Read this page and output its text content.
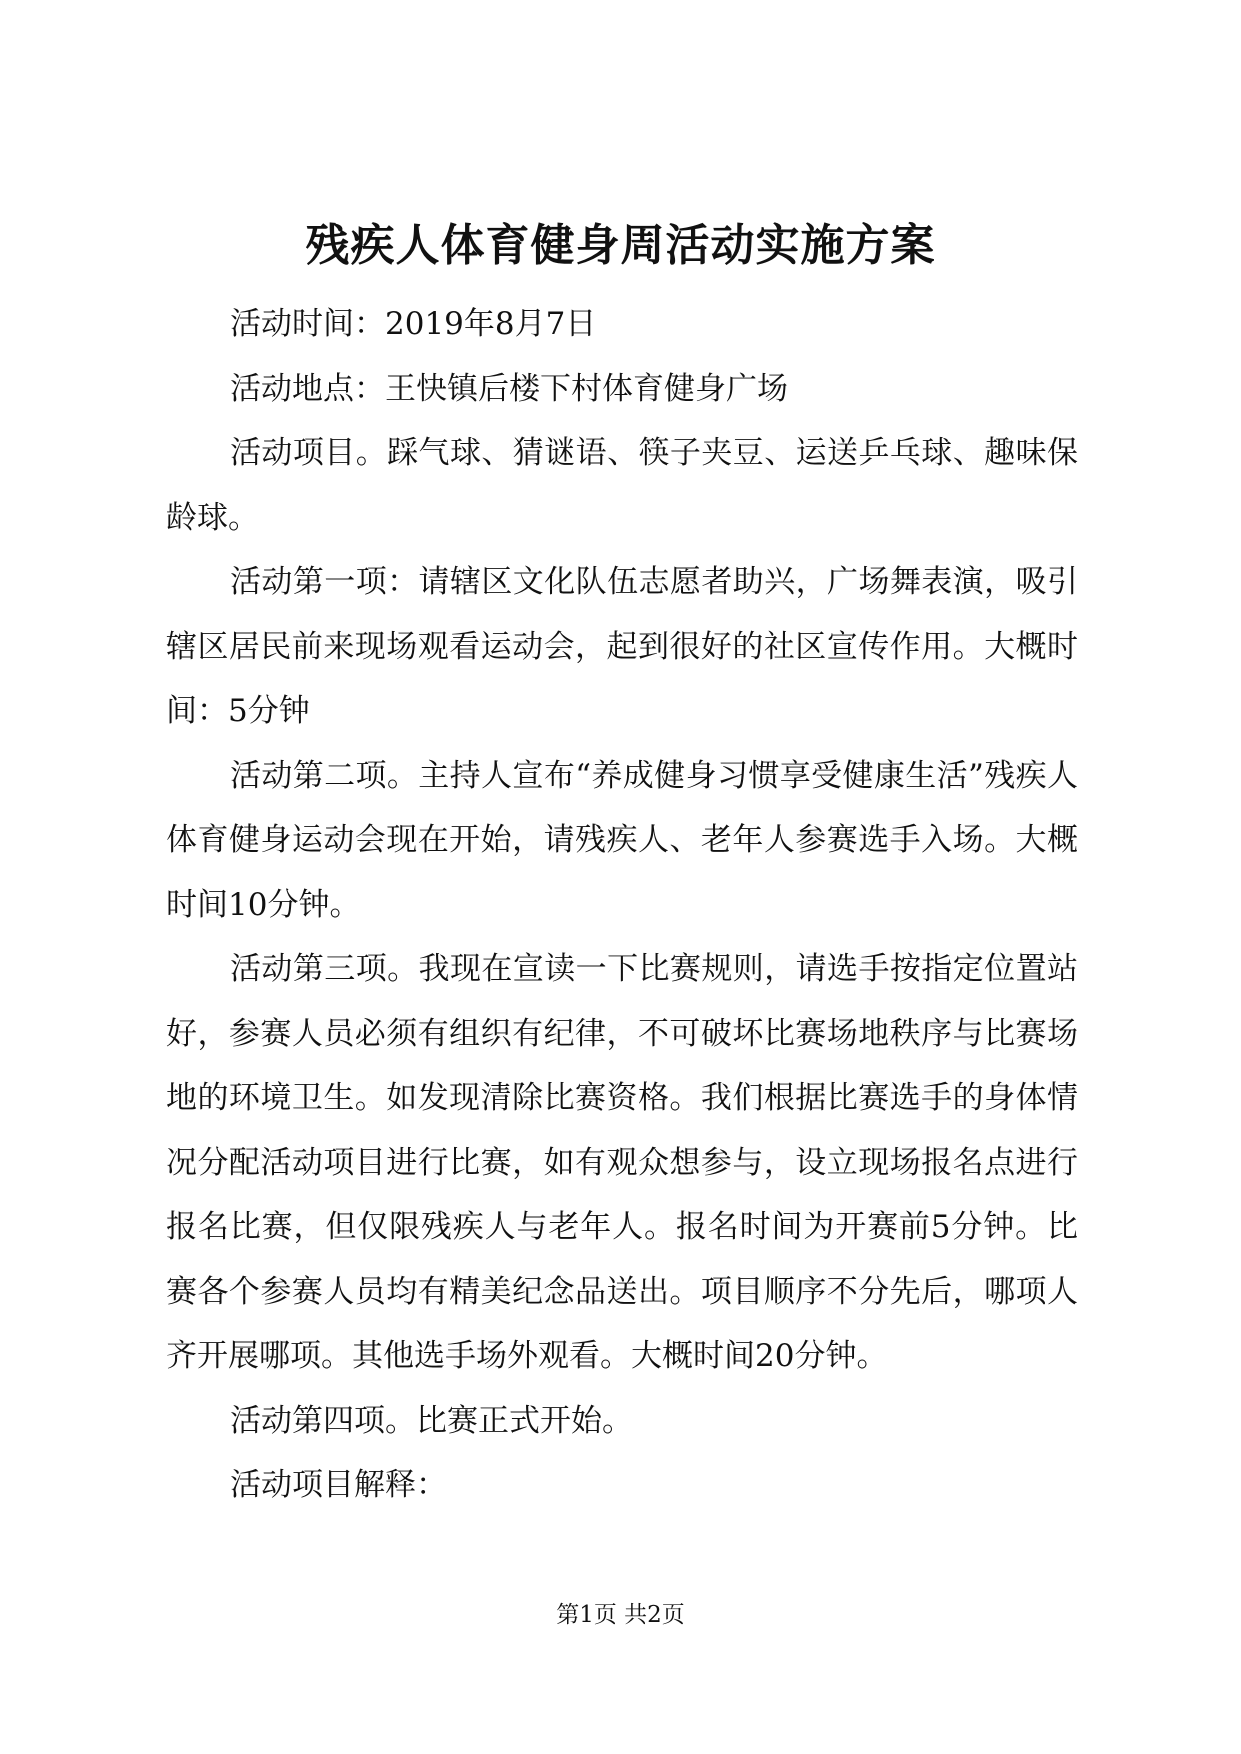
残疾人体育健身周活动实施方案

活动时间：2019年8月7日

活动地点：王快镇后楼下村体育健身广场

活动项目。踩气球、猜谜语、筷子夹豆、运送乒乓球、趣味保龄球。

活动第一项：请辖区文化队伍志愿者助兴，广场舞表演，吸引辖区居民前来现场观看运动会，起到很好的社区宣传作用。大概时间：5分钟

活动第二项。主持人宣布“养成健身习惯享受健康生活”残疾人体育健身运动会现在开始，请残疾人、老年人参赛选手入场。大概时间10分钟。

活动第三项。我现在宣读一下比赛规则，请选手按指定位置站好，参赛人员必须有组织有纪律，不可破坏比赛场地秩序与比赛场地的环境卫生。如发现清除比赛资格。我们根据比赛选手的身体情况分配活动项目进行比赛，如有观众想参与，设立现场报名点进行报名比赛，但仅限残疾人与老年人。报名时间为开赛前5分钟。比赛各个参赛人员均有精美纪念品送出。项目顺序不分先后，哪项人齐开展哪项。其他选手场外观看。大概时间20分钟。

活动第四项。比赛正式开始。

活动项目解释：

第1页 共2页
